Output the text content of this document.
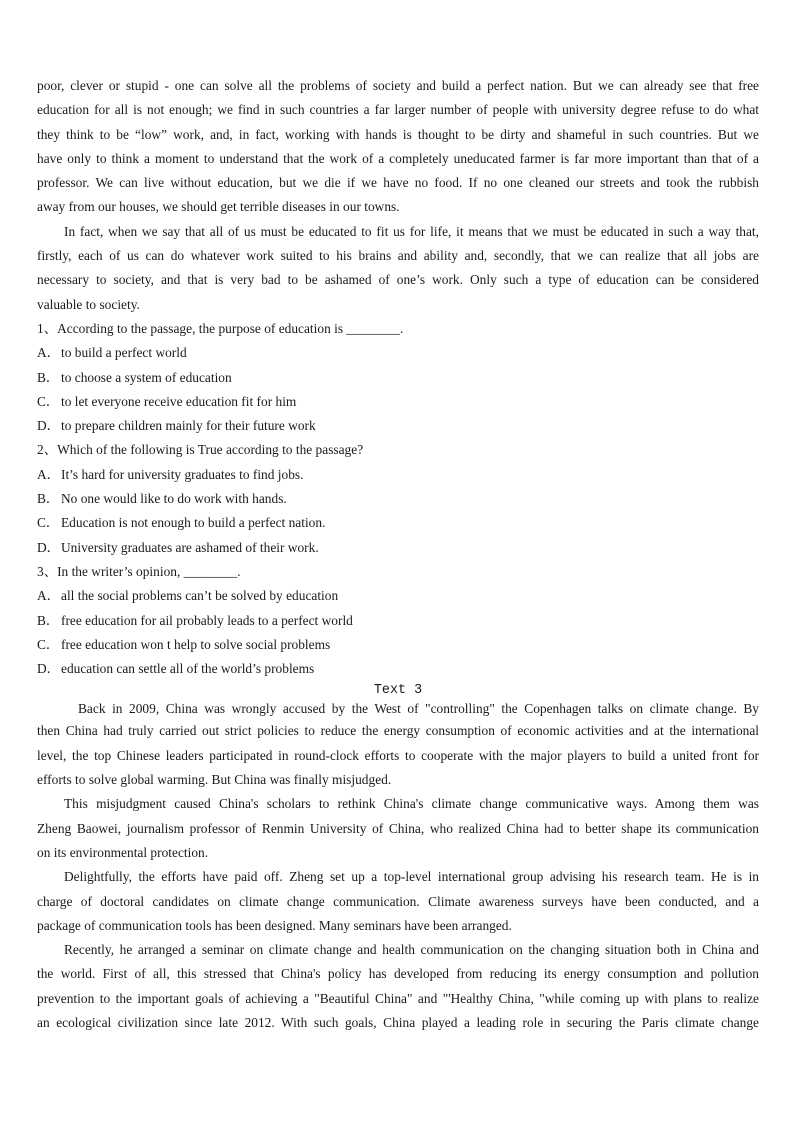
poor, clever or stupid - one can solve all the problems of society and build a perfect nation. But we can already see that free
education for all is not enough; we find in such countries a far larger number of people with university degree refuse to do what
they think to be “low” work, and, in fact, working with hands is thought to be dirty and shameful in such countries. But we
have only to think a moment to understand that the work of a completely uneducated farmer is far more important than that of a
professor. We can live without education, but we die if we have no food. If no one cleaned our streets and took the rubbish
away from our houses, we should get terrible diseases in our towns.
In fact, when we say that all of us must be educated to fit us for life, it means that we must be educated in such a way that,
firstly, each of us can do whatever work suited to his brains and ability and, secondly, that we can realize that all jobs are
necessary to society, and that is very bad to be ashamed of one’s work. Only such a type of education can be considered
valuable to society.
1、According to the passage, the purpose of education is ________.
A．to build a perfect world
B． to choose a system of education
C． to let everyone receive education fit for him
D．to prepare children mainly for their future work
2、Which of the following is True according to the passage?
A．It’s hard for university graduates to find jobs.
B． No one would like to do work with hands.
C． Education is not enough to build a perfect nation.
D．University graduates are ashamed of their work.
3、In the writer’s opinion, ________.
A．all the social problems can’t be solved by education
B． free education for ail probably leads to a perfect world
C． free education won t help to solve social problems
D．education can settle all of the world’s problems
Text 3
Back in 2009, China was wrongly accused by the West of "controlling" the Copenhagen talks on climate change. By
then China had truly carried out strict policies to reduce the energy consumption of economic activities and at the international
level, the top Chinese leaders participated in round-clock efforts to cooperate with the major players to build a united front for
efforts to solve global warming. But China was finally misjudged.
This misjudgment caused China's scholars to rethink China's climate change communicative ways. Among them was
Zheng Baowei, journalism professor of Renmin University of China, who realized China had to better shape its communication
on its environmental protection.
Delightfully, the efforts have paid off. Zheng set up a top-level international group advising his research team. He is in
charge of doctoral candidates on climate change communication. Climate awareness surveys have been conducted, and a
package of communication tools has been designed. Many seminars have been arranged.
Recently, he arranged a seminar on climate change and health communication on the changing situation both in China and
the world. First of all, this stressed that China's policy has developed from reducing its energy consumption and pollution
prevention to the important goals of achieving a "Beautiful China" and "'Healthy China, "while coming up with plans to realize
an ecological civilization since late 2012. With such goals, China played a leading role in securing the Paris climate change
